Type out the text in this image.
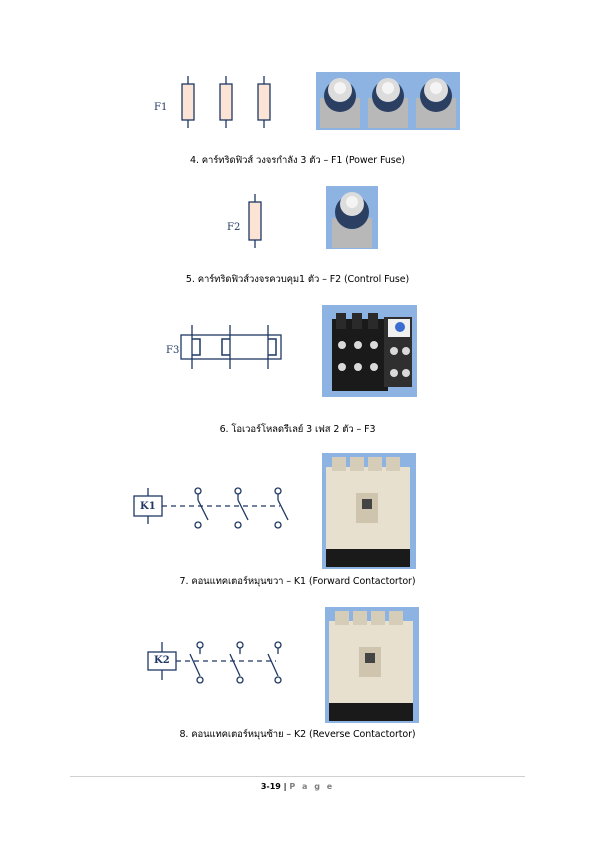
F1
4. คาร์ทริดฟิวส์ วงจรกำลัง 3 ตัว – F1 (Power Fuse)
F2
5. คาร์ทริดฟิวส์วงจรควบคุม1 ตัว – F2 (Control Fuse)
F3
6. โอเวอร์โหลดรีเลย์ 3 เฟส 2 ตัว – F3
K1
7. คอนแทคเตอร์หมุนขวา – K1 (Forward Contactortor)
K2
8. คอนแทคเตอร์หมุนซ้าย – K2 (Reverse Contactortor)
3-19 | P a g e
